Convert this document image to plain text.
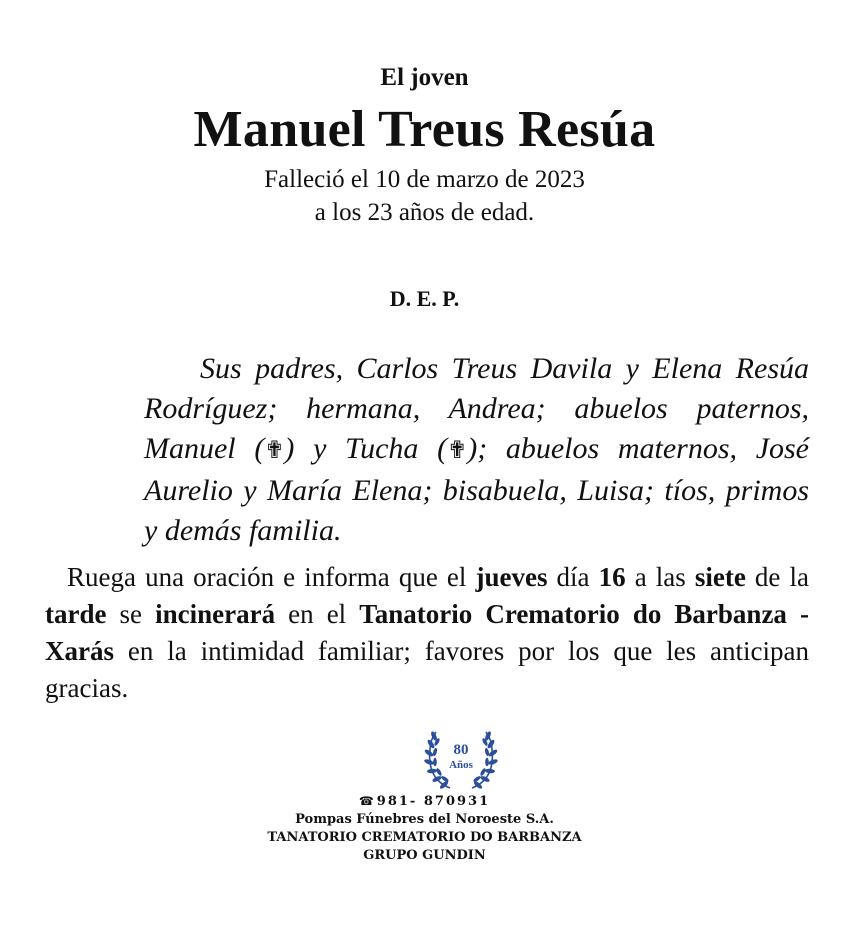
El joven
Manuel Treus Resúa
Falleció el 10 de marzo de 2023
a los 23 años de edad.
D. E. P.
Sus padres, Carlos Treus Davila y Elena Resúa Rodríguez; hermana, Andrea; abuelos paternos, Manuel (✟) y Tucha (✟); abuelos maternos, José Aurelio y María Elena; bisabuela, Luisa; tíos, primos y demás familia.
Ruega una oración e informa que el jueves día 16 a las siete de la tarde se incinerará en el Tanatorio Crematorio do Barbanza - Xarás en la intimidad familiar; favores por los que les anticipan gracias.
80
Años
☎ 981- 870931
Pompas Fúnebres del Noroeste S.A.
TANATORIO CREMATORIO DO BARBANZA
GRUPO GUNDIN
